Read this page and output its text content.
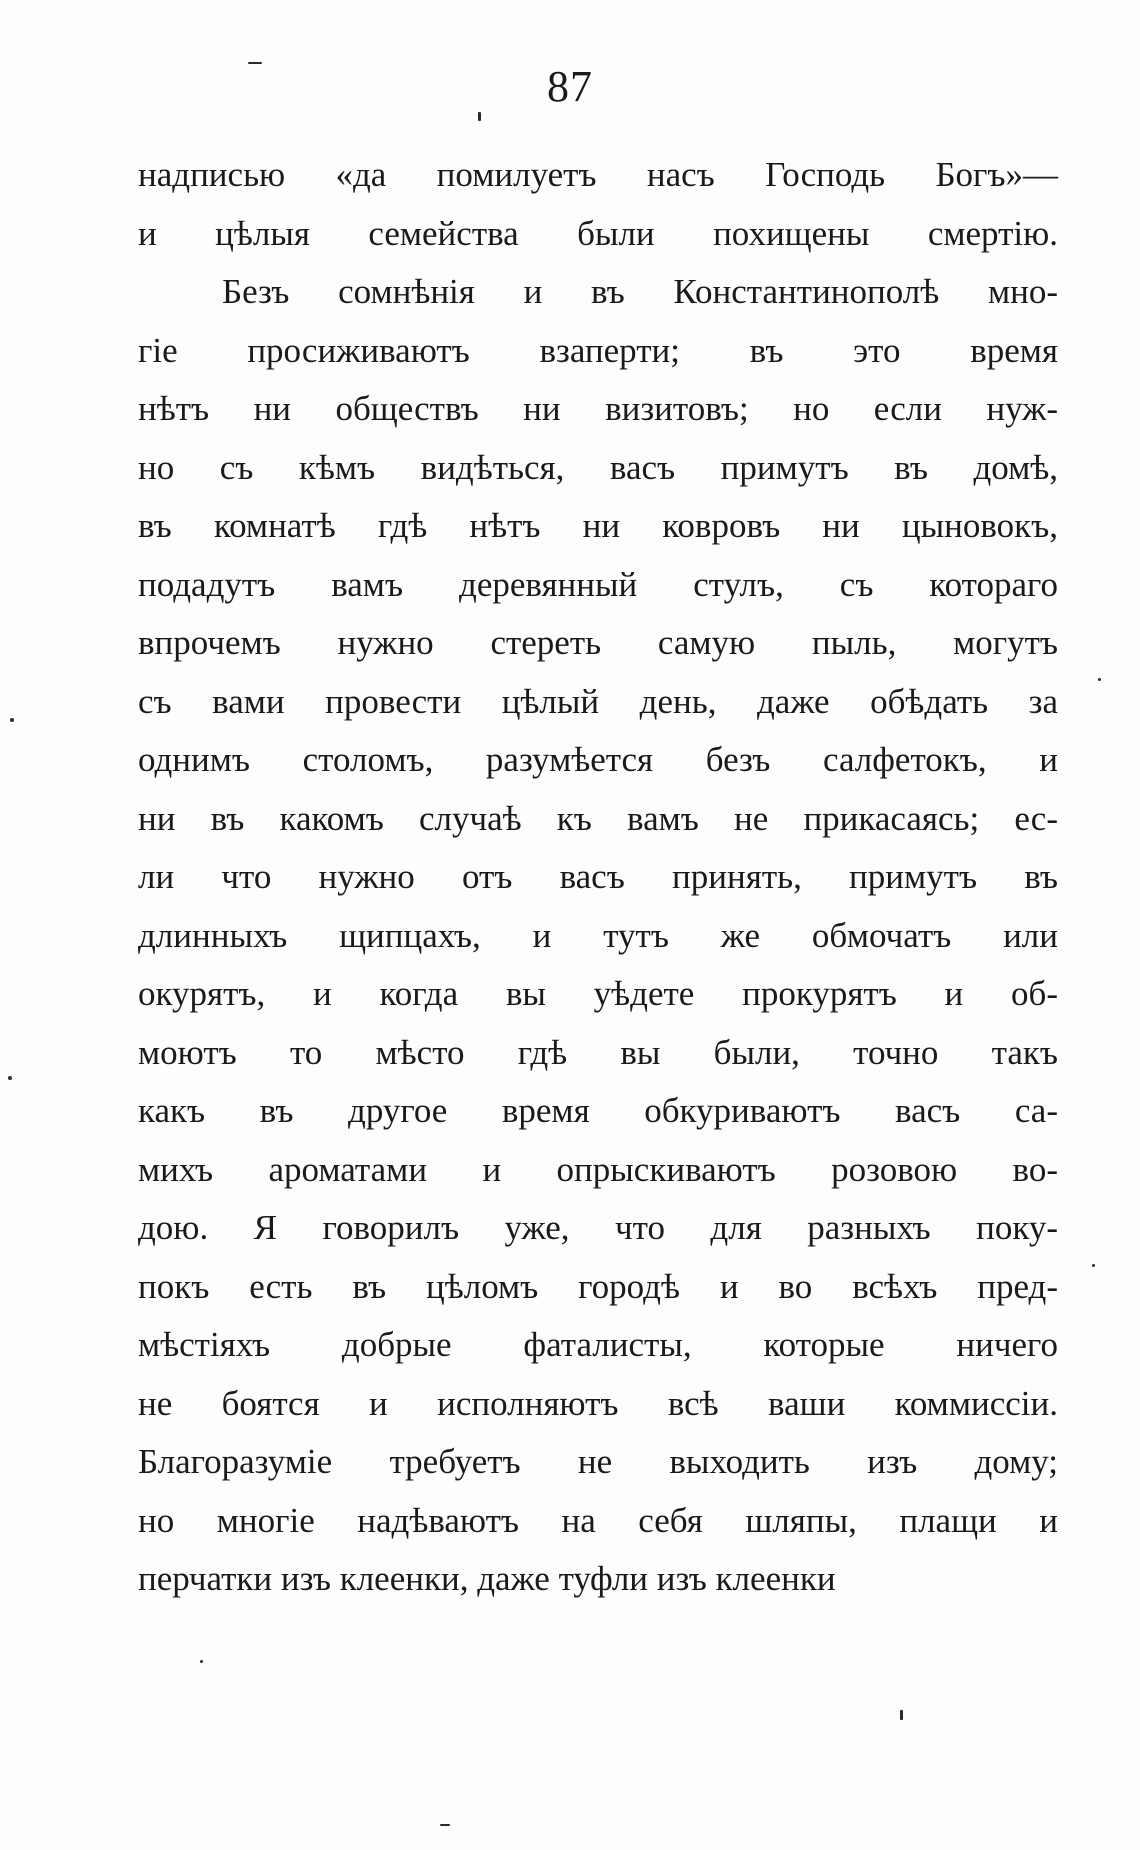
87
надписью «да помилуетъ насъ Господь Богъ»—
и цѣлыя семейства были похищены смертію.
Безъ сомнѣнія и въ Константинополѣ мно-
гіе просиживаютъ взаперти; въ это время
нѣтъ ни обществъ ни визитовъ; но если нуж-
но съ кѣмъ видѣться, васъ примутъ въ домѣ,
въ комнатѣ гдѣ нѣтъ ни ковровъ ни цыновокъ,
подадутъ вамъ деревянный стулъ, съ котораго
впрочемъ нужно стереть самую пыль, могутъ
съ вами провести цѣлый день, даже обѣдать за
однимъ столомъ, разумѣется безъ салфетокъ, и
ни въ какомъ случаѣ къ вамъ не прикасаясь; ес-
ли что нужно отъ васъ принять, примутъ въ
длинныхъ щипцахъ, и тутъ же обмочатъ или
окурятъ, и когда вы уѣдете прокурятъ и об-
моютъ то мѣсто гдѣ вы были, точно такъ
какъ въ другое время обкуриваютъ васъ са-
михъ ароматами и опрыскиваютъ розовою во-
дою. Я говорилъ уже, что для разныхъ поку-
покъ есть въ цѣломъ городѣ и во всѣхъ пред-
мѣстіяхъ добрые фаталисты, которые ничего
не боятся и исполняютъ всѣ ваши коммиссіи.
Благоразуміе требуетъ не выходить изъ дому;
но многіе надѣваютъ на себя шляпы, плащи и
перчатки изъ клеенки, даже туфли изъ клеенки
